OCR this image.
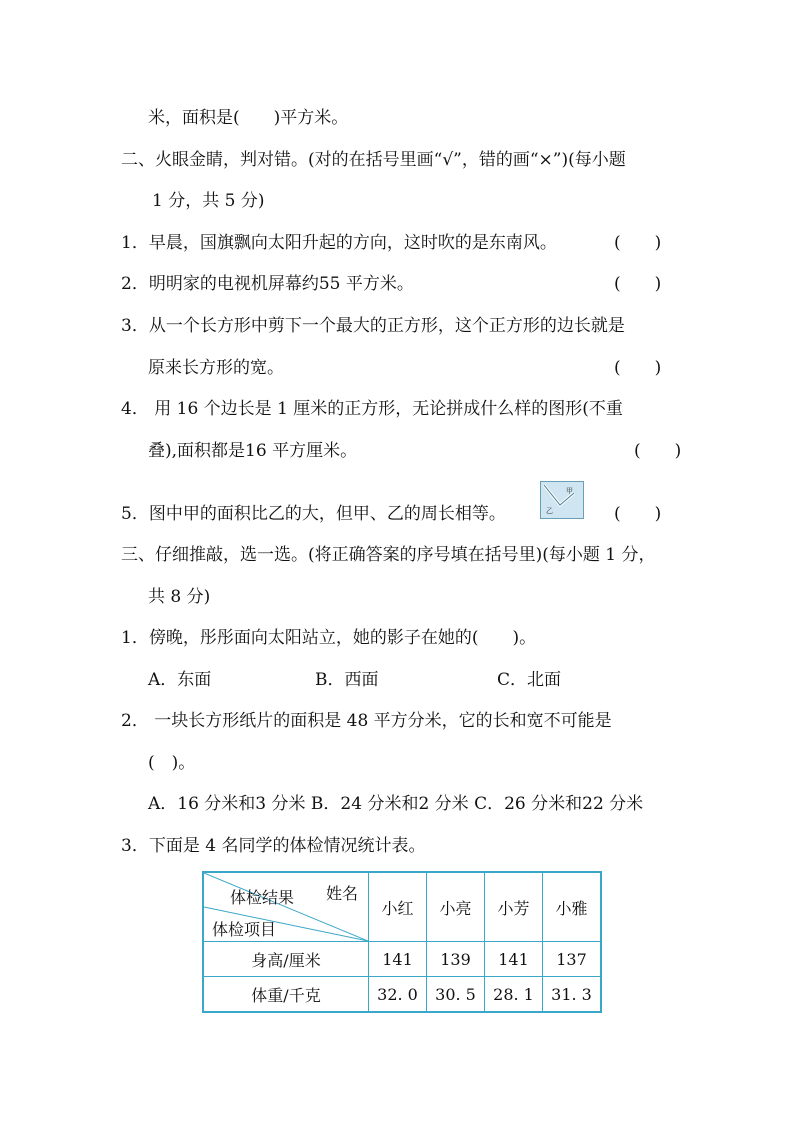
米，面积是(　　)平方米。
二、火眼金睛，判对错。(对的在括号里画“√”，错的画“×”)(每小题
1 分，共 5 分)
1．早晨，国旗飘向太阳升起的方向，这时吹的是东南风。	(　　)
2．明明家的电视机屏幕约55 平方米。	(　　)
3．从一个长方形中剪下一个最大的正方形，这个正方形的边长就是
原来长方形的宽。	(　　)
4． 用 16 个边长是 1 厘米的正方形，无论拼成什么样的图形(不重
叠),面积都是16 平方厘米。	(　　)
5．图中甲的面积比乙的大，但甲、乙的周长相等。
甲
乙	(　　)
三、仔细推敲，选一选。(将正确答案的序号填在括号里)(每小题 1 分，
共 8 分)
1．傍晚，彤彤面向太阳站立，她的影子在她的(　　)。
A．东面	B．西面	C．北面
2． 一块长方形纸片的面积是 48 平方分米，它的长和宽不可能是
(　)。
A．16 分米和3 分米 B．24 分米和2 分米 C．26 分米和22 分米
3．下面是 4 名同学的体检情况统计表。
姓名
体检结果
体检项目	小红	小亮	小芳	小雅
身高/厘米	141	139	141	137
体重/千克	32. 0	30. 5	28. 1	31. 3
